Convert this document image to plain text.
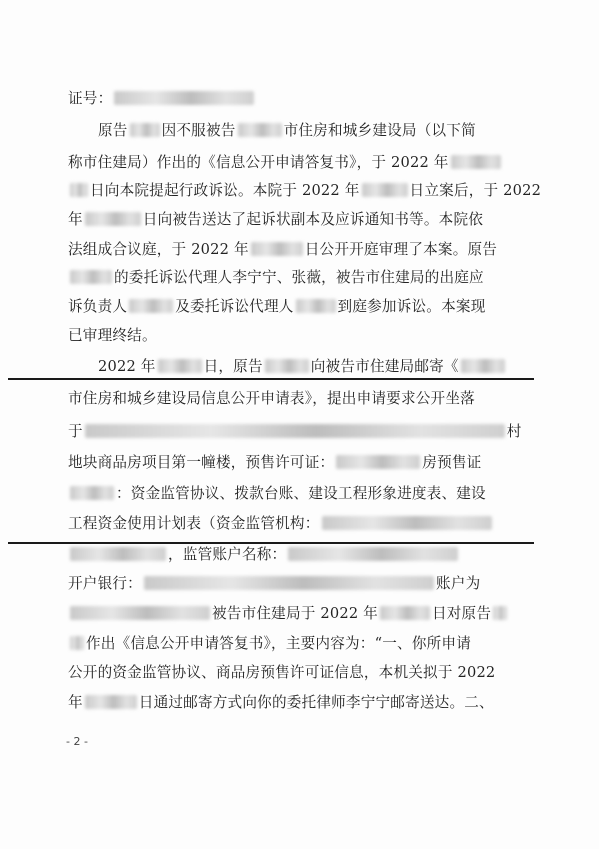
证号：
原告 因不服被告	市住房和城乡建设局（以下简
称市住建局）作出的《信息公开申请答复书》，于 2022 年
日向本院提起行政诉讼。本院于 2022 年	日立案后，于 2022
年	日向被告送达了起诉状副本及应诉通知书等。本院依
法组成合议庭，于 2022 年	日公开开庭审理了本案。原告
的委托诉讼代理人李宁宁、张薇，被告市住建局的出庭应
诉负责人	及委托诉讼代理人	到庭参加诉讼。本案现
已审理终结。
2022 年	日，原告	向被告市住建局邮寄《
市住房和城乡建设局信息公开申请表》，提出申请要求公开坐落
于	村
地块商品房项目第一幢楼，预售许可证：	房预售证
：资金监管协议、拨款台账、建设工程形象进度表、建设
工程资金使用计划表（资金监管机构：
，监管账户名称：
开户银行：	账户为
被告市住建局于 2022 年	日对原告
作出《信息公开申请答复书》，主要内容为：“一、你所申请
公开的资金监管协议、商品房预售许可证信息，本机关拟于 2022
年	日通过邮寄方式向你的委托律师李宁宁邮寄送达。二、
- 2 -
